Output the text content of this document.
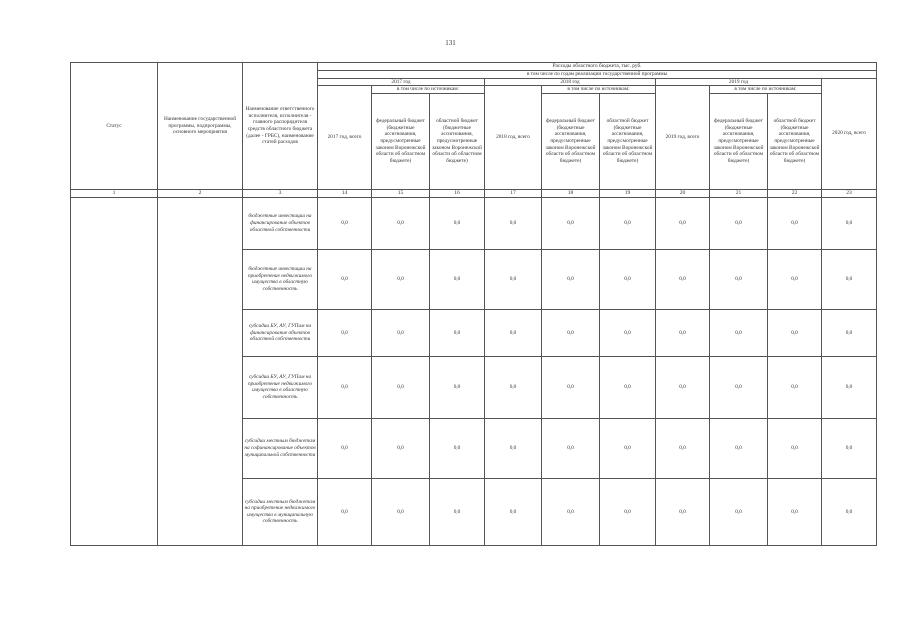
131
Статус	Наименование государственной программы, подпрограммы, основного мероприятия	Наименование ответственного исполнителя, исполнителя - главного распорядителя средств областного бюджета (далее - ГРБС), наименование статей расходов	Расходы областного бюджета, тыс. руб.									
			в том числе по годам реализации государственной программы									
			2017 год			2018 год			2019 год			2020 год, всего
			2017 год, всего	в том числе по источникам:		2018 год, всего	в том числе по источникам:		2019 год, всего	в том числе по источникам:		
				федеральный бюджет (бюджетные ассигнования, предусмотренные законом Воронежской области об областном бюджете)	областной бюджет (бюджетные ассигнования, предусмотренные законом Воронежской области об областном бюджете)		федеральный бюджет (бюджетные ассигнования, предусмотренные законом Воронежской области об областном бюджете)	областной бюджет (бюджетные ассигнования, предусмотренные законом Воронежской области об областном бюджете)		федеральный бюджет (бюджетные ассигнования, предусмотренные законом Воронежской области об областном бюджете)	областной бюджет (бюджетные ассигнования, предусмотренные законом Воронежской области об областном бюджете)	
1	2	3	14	15	16	17	18	19	20	21	22	23
		бюджетные инвестиции на финансирование объектов областной собственности	0,0	0,0	0,0	0,0	0,0	0,0	0,0	0,0	0,0	0,0
		бюджетные инвестиции на приобретение недвижимого имущества в областную собственность	0,0	0,0	0,0	0,0	0,0	0,0	0,0	0,0	0,0	0,0
		субсидии БУ, АУ, ГУПам на финансирование объектов областной собственности	0,0	0,0	0,0	0,0	0,0	0,0	0,0	0,0	0,0	0,0
		субсидии БУ, АУ, ГУПам на приобретение недвижимого имущества в областную собственность	0,0	0,0	0,0	0,0	0,0	0,0	0,0	0,0	0,0	0,0
		субсидии местным бюджетам на софинансирование объектов муниципальной собственности	0,0	0,0	0,0	0,0	0,0	0,0	0,0	0,0	0,0	0,0
		субсидии местным бюджетам на приобретение недвижимого имущества в муниципальную собственность	0,0	0,0	0,0	0,0	0,0	0,0	0,0	0,0	0,0	0,0
